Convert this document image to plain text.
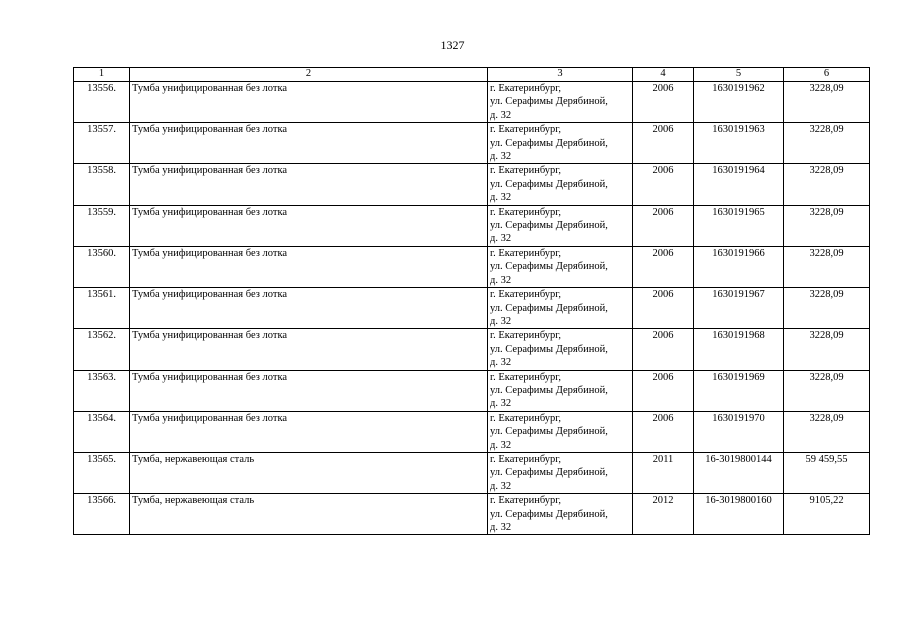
1327
1	2	3	4	5	6
13556.	Тумба унифицированная без лотка	г. Екатеринбург,
ул. Серафимы Дерябиной,
д. 32	2006	1630191962	3228,09
13557.	Тумба унифицированная без лотка	г. Екатеринбург,
ул. Серафимы Дерябиной,
д. 32	2006	1630191963	3228,09
13558.	Тумба унифицированная без лотка	г. Екатеринбург,
ул. Серафимы Дерябиной,
д. 32	2006	1630191964	3228,09
13559.	Тумба унифицированная без лотка	г. Екатеринбург,
ул. Серафимы Дерябиной,
д. 32	2006	1630191965	3228,09
13560.	Тумба унифицированная без лотка	г. Екатеринбург,
ул. Серафимы Дерябиной,
д. 32	2006	1630191966	3228,09
13561.	Тумба унифицированная без лотка	г. Екатеринбург,
ул. Серафимы Дерябиной,
д. 32	2006	1630191967	3228,09
13562.	Тумба унифицированная без лотка	г. Екатеринбург,
ул. Серафимы Дерябиной,
д. 32	2006	1630191968	3228,09
13563.	Тумба унифицированная без лотка	г. Екатеринбург,
ул. Серафимы Дерябиной,
д. 32	2006	1630191969	3228,09
13564.	Тумба унифицированная без лотка	г. Екатеринбург,
ул. Серафимы Дерябиной,
д. 32	2006	1630191970	3228,09
13565.	Тумба, нержавеющая сталь	г. Екатеринбург,
ул. Серафимы Дерябиной,
д. 32	2011	16-3019800144	59 459,55
13566.	Тумба, нержавеющая сталь	г. Екатеринбург,
ул. Серафимы Дерябиной,
д. 32	2012	16-3019800160	9105,22
